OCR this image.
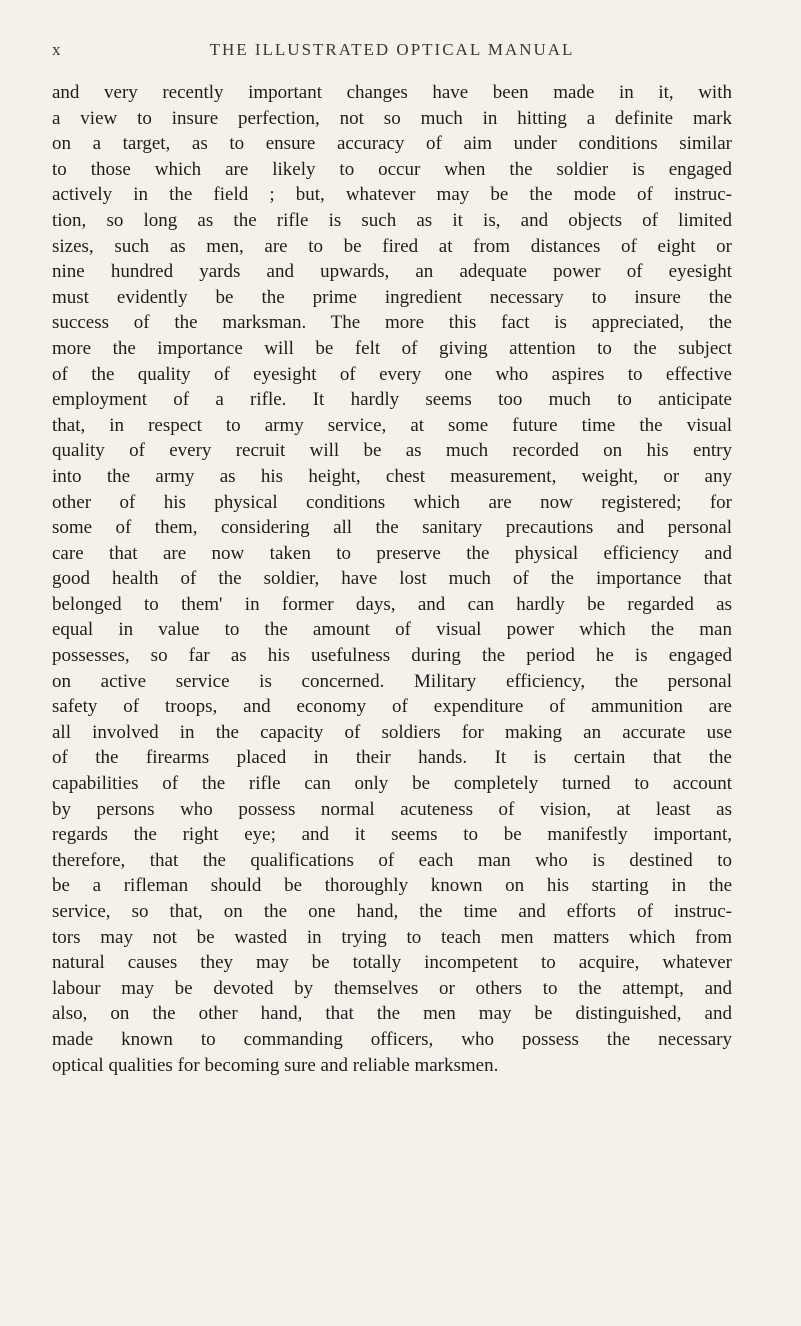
x	THE ILLUSTRATED OPTICAL MANUAL
and very recently important changes have been made in it, with
a view to insure perfection, not so much in hitting a definite mark
on a target, as to ensure accuracy of aim under conditions similar
to those which are likely to occur when the soldier is engaged
actively in the field ; but, whatever may be the mode of instruc-
tion, so long as the rifle is such as it is, and objects of limited
sizes, such as men, are to be fired at from distances of eight or
nine hundred yards and upwards, an adequate power of eyesight
must evidently be the prime ingredient necessary to insure the
success of the marksman. The more this fact is appreciated, the
more the importance will be felt of giving attention to the subject
of the quality of eyesight of every one who aspires to effective
employment of a rifle. It hardly seems too much to anticipate
that, in respect to army service, at some future time the visual
quality of every recruit will be as much recorded on his entry
into the army as his height, chest measurement, weight, or any
other of his physical conditions which are now registered; for
some of them, considering all the sanitary precautions and personal
care that are now taken to preserve the physical efficiency and
good health of the soldier, have lost much of the importance that
belonged to them' in former days, and can hardly be regarded as
equal in value to the amount of visual power which the man
possesses, so far as his usefulness during the period he is engaged
on active service is concerned. Military efficiency, the personal
safety of troops, and economy of expenditure of ammunition are
all involved in the capacity of soldiers for making an accurate use
of the firearms placed in their hands. It is certain that the
capabilities of the rifle can only be completely turned to account
by persons who possess normal acuteness of vision, at least as
regards the right eye; and it seems to be manifestly important,
therefore, that the qualifications of each man who is destined to
be a rifleman should be thoroughly known on his starting in the
service, so that, on the one hand, the time and efforts of instruc-
tors may not be wasted in trying to teach men matters which from
natural causes they may be totally incompetent to acquire, whatever
labour may be devoted by themselves or others to the attempt, and
also, on the other hand, that the men may be distinguished, and
made known to commanding officers, who possess the necessary
optical qualities for becoming sure and reliable marksmen.
